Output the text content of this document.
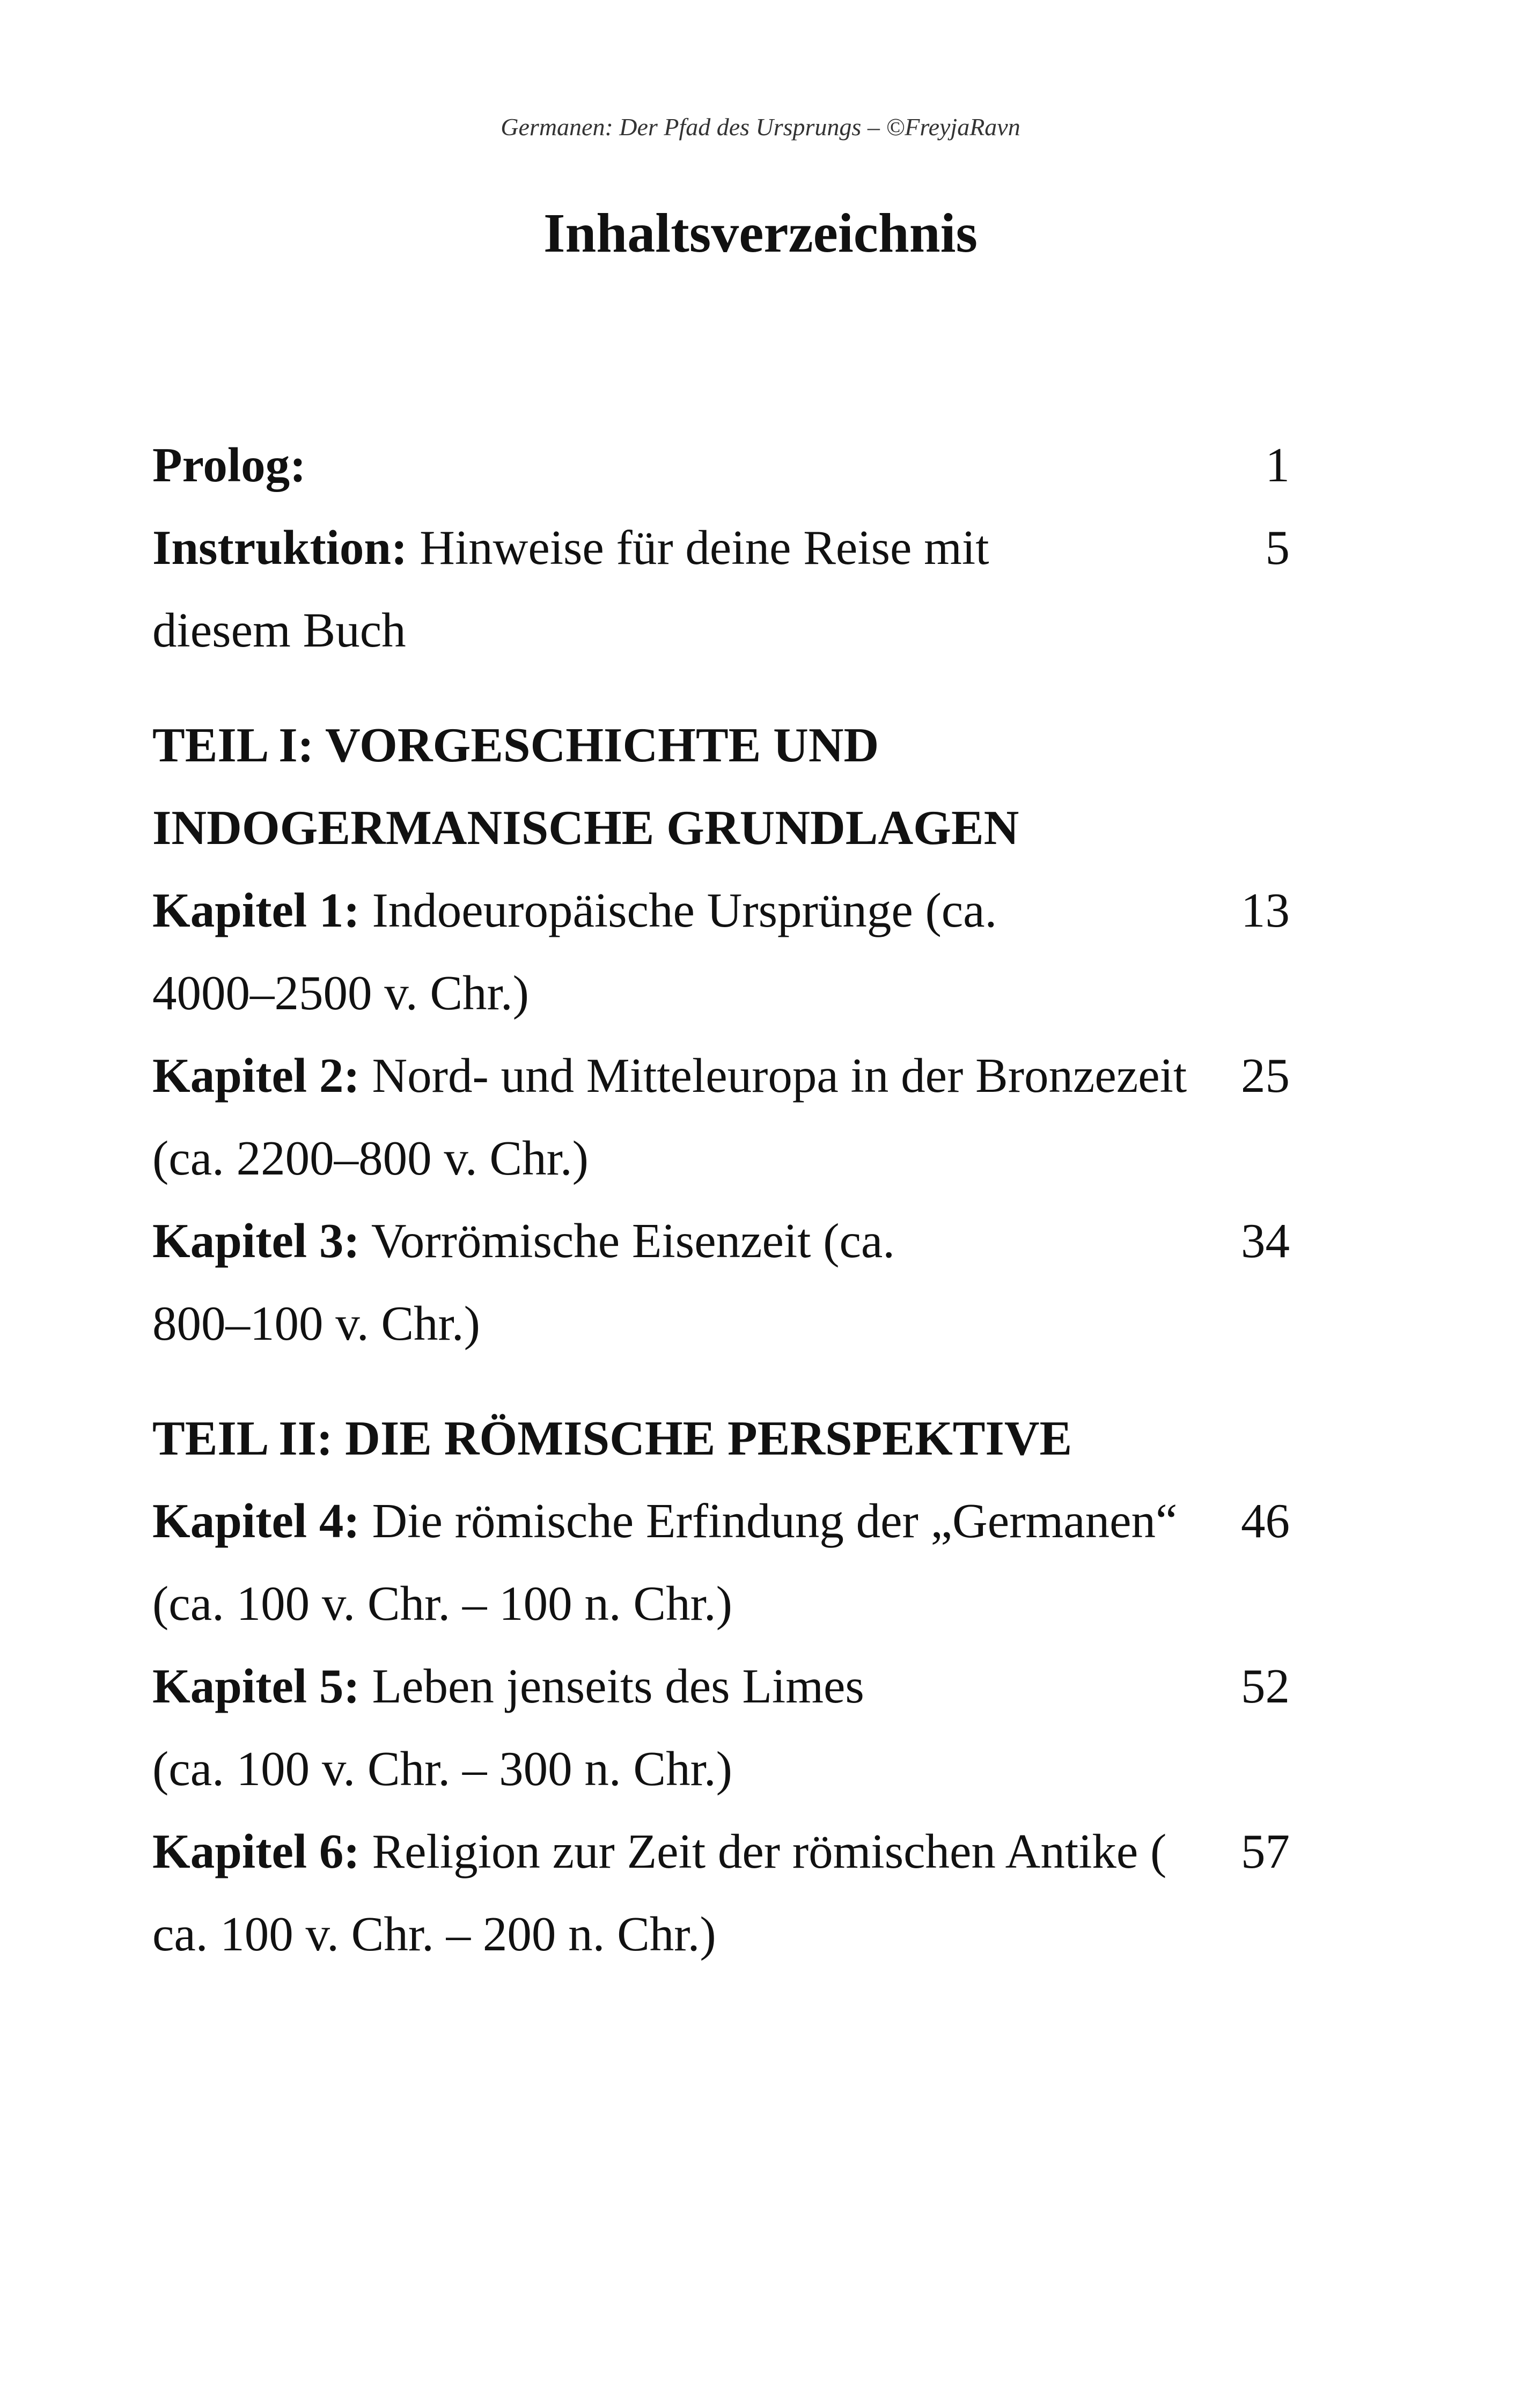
Germanen: Der Pfad des Ursprungs – ©FreyjaRavn
Inhaltsverzeichnis
Prolog:	1
Instruktion: Hinweise für deine Reise mit diesem Buch
5
TEIL I: VORGESCHICHTE UND INDOGERMANISCHE GRUNDLAGEN
Kapitel 1: Indoeuropäische Ursprünge (ca. 4000–2500 v. Chr.)
13
Kapitel 2: Nord- und Mitteleuropa in der Bronzezeit (ca. 2200–800 v. Chr.)
25
Kapitel 3: Vorrömische Eisenzeit (ca. 800–100 v. Chr.)
34
TEIL II: DIE RÖMISCHE PERSPEKTIVE
Kapitel 4: Die römische Erfindung der „Germanen“ (ca. 100 v. Chr. – 100 n. Chr.)
46
Kapitel 5: Leben jenseits des Limes (ca. 100 v. Chr. – 300 n. Chr.)
52
Kapitel 6: Religion zur Zeit der römischen Antike ( ca. 100 v. Chr. – 200 n. Chr.)
57
